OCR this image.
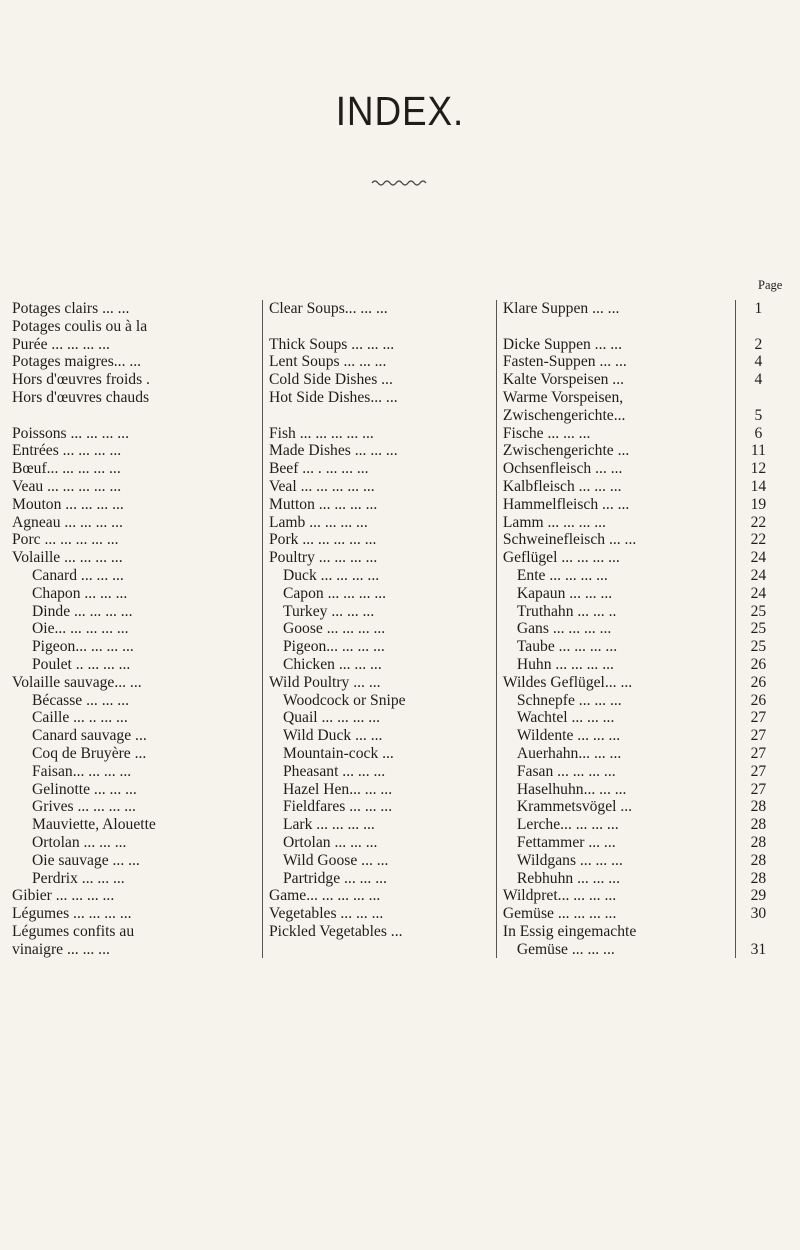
INDEX.
Page
Potages clairs ... ...	Clear Soups... ... ...	Klare Suppen ... ...	1
Potages coulis ou à la			
Purée ... ... ... ...	Thick Soups ... ... ...	Dicke Suppen ... ...	2
Potages maigres... ...	Lent Soups ... ... ...	Fasten-Suppen ... ...	4
Hors d'œuvres froids .	Cold Side Dishes ...	Kalte Vorspeisen ...	4
Hors d'œuvres chauds	Hot Side Dishes... ...	Warme Vorspeisen,	
		Zwischengerichte...	5
Poissons ... ... ... ...	Fish ... ... ... ... ...	Fische ... ... ...	6
Entrées ... ... ... ...	Made Dishes ... ... ...	Zwischengerichte ...	11
Bœuf... ... ... ... ...	Beef ... . ... ... ...	Ochsenfleisch ... ...	12
Veau ... ... ... ... ...	Veal ... ... ... ... ...	Kalbfleisch ... ... ...	14
Mouton ... ... ... ...	Mutton ... ... ... ...	Hammelfleisch ... ...	19
Agneau ... ... ... ...	Lamb ... ... ... ...	Lamm ... ... ... ...	22
Porc ... ... ... ... ...	Pork ... ... ... ... ...	Schweinefleisch ... ...	22
Volaille ... ... ... ...	Poultry ... ... ... ...	Geflügel ... ... ... ...	24
Canard ... ... ...	Duck ... ... ... ...	Ente ... ... ... ...	24
Chapon ... ... ...	Capon ... ... ... ...	Kapaun ... ... ...	24
Dinde ... ... ... ...	Turkey ... ... ...	Truthahn ... ... ..	25
Oie... ... ... ... ...	Goose ... ... ... ...	Gans ... ... ... ...	25
Pigeon... ... ... ...	Pigeon... ... ... ...	Taube ... ... ... ...	25
Poulet .. ... ... ...	Chicken ... ... ...	Huhn ... ... ... ...	26
Volaille sauvage... ...	Wild Poultry ... ...	Wildes Geflügel... ...	26
Bécasse ... ... ...	Woodcock or Snipe	Schnepfe ... ... ...	26
Caille ... .. ... ...	Quail ... ... ... ...	Wachtel ... ... ...	27
Canard sauvage ...	Wild Duck ... ...	Wildente ... ... ...	27
Coq de Bruyère ...	Mountain-cock ...	Auerhahn... ... ...	27
Faisan... ... ... ...	Pheasant ... ... ...	Fasan ... ... ... ...	27
Gelinotte ... ... ...	Hazel Hen... ... ...	Haselhuhn... ... ...	27
Grives ... ... ... ...	Fieldfares ... ... ...	Krammetsvögel ...	28
Mauviette, Alouette	Lark ... ... ... ...	Lerche... ... ... ...	28
Ortolan ... ... ...	Ortolan ... ... ...	Fettammer ... ...	28
Oie sauvage ... ...	Wild Goose ... ...	Wildgans ... ... ...	28
Perdrix ... ... ...	Partridge ... ... ...	Rebhuhn ... ... ...	28
Gibier ... ... ... ...	Game... ... ... ... ...	Wildpret... ... ... ...	29
Légumes ... ... ... ...	Vegetables ... ... ...	Gemüse ... ... ... ...	30
Légumes confits au	Pickled Vegetables ...	In Essig eingemachte	
vinaigre ... ... ...		Gemüse ... ... ...	31
